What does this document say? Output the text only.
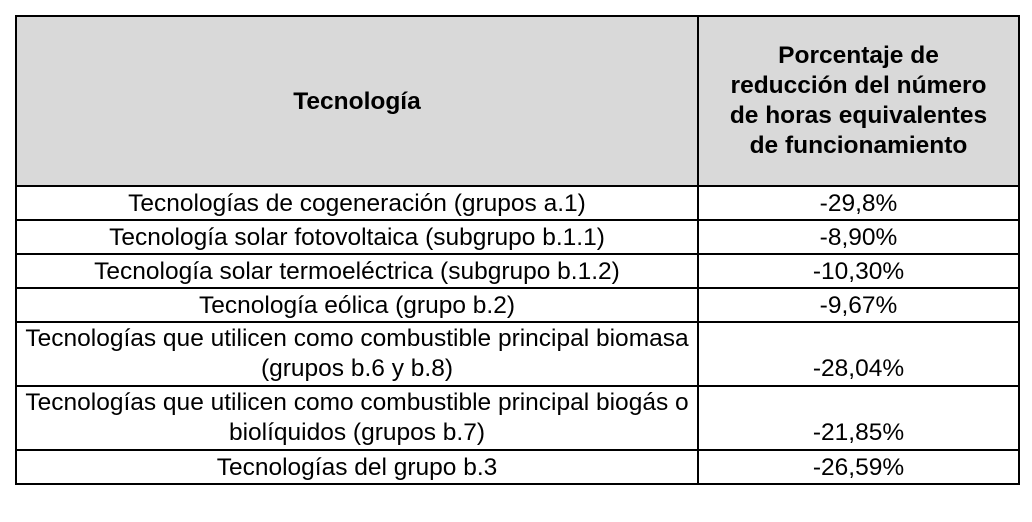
Tecnología	Porcentaje de reducción del número de horas equivalentes de funcionamiento
Tecnologías de cogeneración (grupos a.1)	-29,8%
Tecnología solar fotovoltaica (subgrupo b.1.1)	-8,90%
Tecnología solar termoeléctrica (subgrupo b.1.2)	-10,30%
Tecnología eólica (grupo b.2)	-9,67%
Tecnologías que utilicen como combustible principal biomasa (grupos b.6 y b.8)	-28,04%
Tecnologías que utilicen como combustible principal biogás o biolíquidos (grupos b.7)	-21,85%
Tecnologías del grupo b.3	-26,59%
